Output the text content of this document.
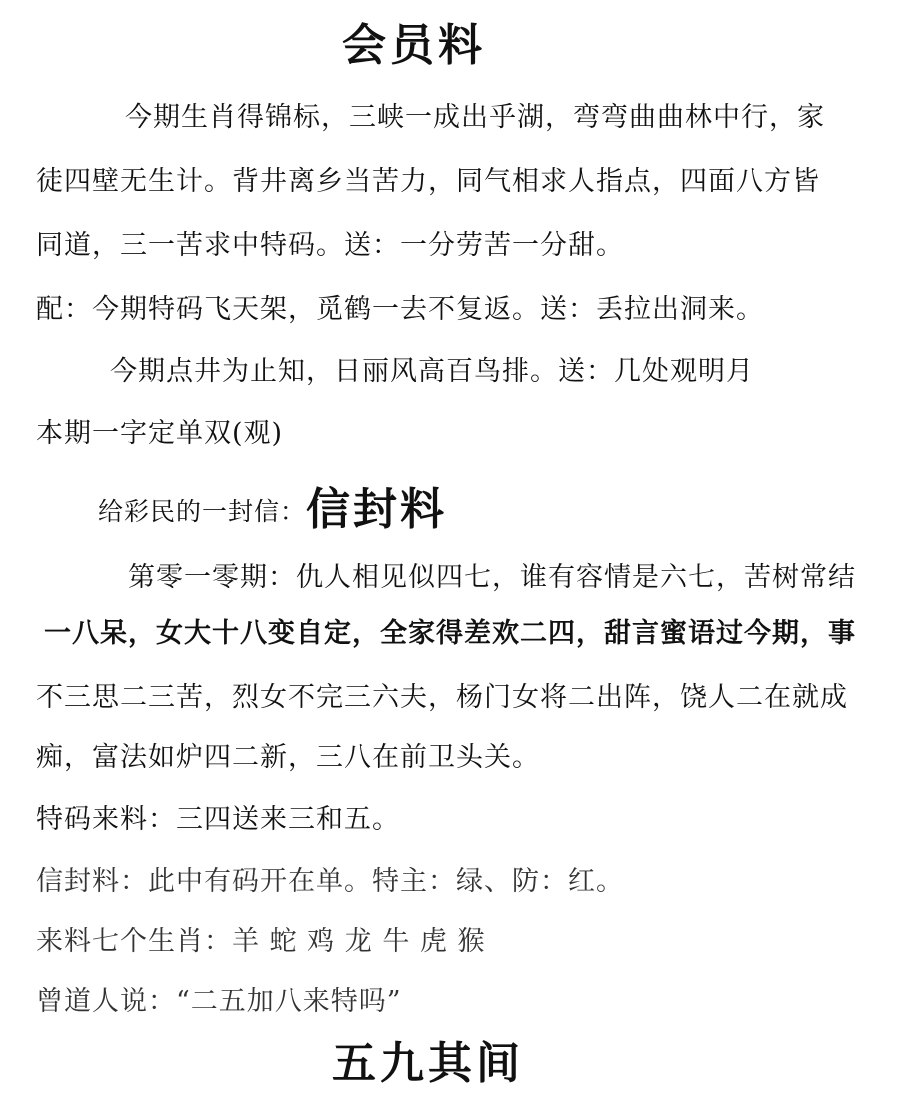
会员料
今期生肖得锦标，三峡一成出乎湖，弯弯曲曲林中行，家
徒四壁无生计。背井离乡当苦力，同气相求人指点，四面八方皆
同道，三一苦求中特码。送：一分劳苦一分甜。
配：今期特码飞天架，觅鹤一去不复返。送：丢拉出洞来。
今期点井为止知，日丽风高百鸟排。送：几处观明月
本期一字定单双(观)
给彩民的一封信：信封料
第零一零期：仇人相见似四七，谁有容情是六七，苦树常结
一八呆，女大十八变自定，全家得差欢二四，甜言蜜语过今期，事
不三思二三苦，烈女不完三六夫，杨门女将二出阵，饶人二在就成
痴，富法如炉四二新，三八在前卫头关。
特码来料：三四送来三和五。
信封料：此中有码开在单。特主：绿、防：红。
来料七个生肖：羊 蛇 鸡 龙 牛 虎 猴
曾道人说：“二五加八来特吗”
五九其间
